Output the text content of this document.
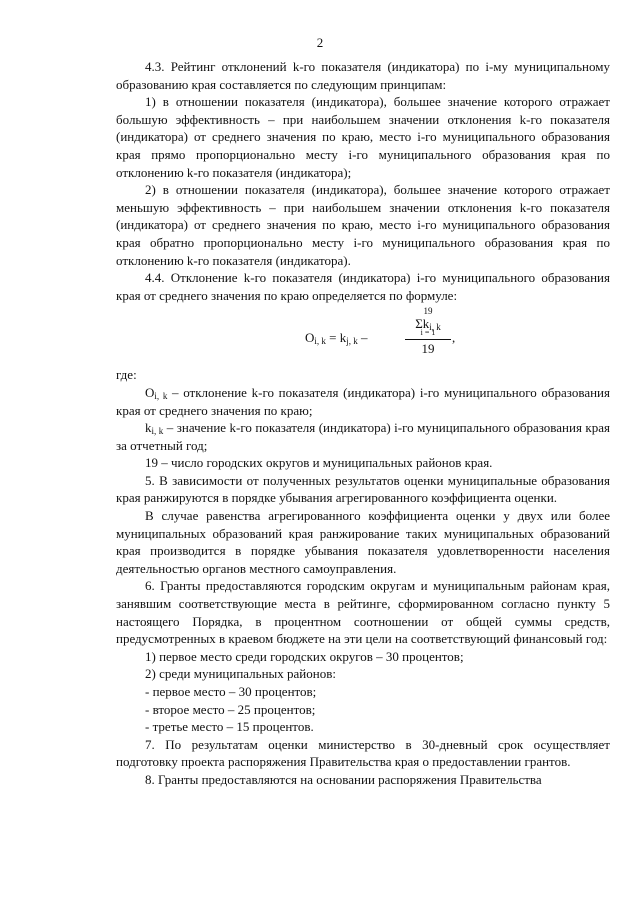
2

4.3. Рейтинг отклонений k-го показателя (индикатора) по i-му муниципальному образованию края составляется по следующим принципам:

1) в отношении показателя (индикатора), большее значение которого отражает большую эффективность – при наибольшем значении отклонения k-го показателя (индикатора) от среднего значения по краю, место i-го муниципального образования края прямо пропорционально месту i-го муниципального образования края по отклонению k-го показателя (индикатора);

2) в отношении показателя (индикатора), большее значение которого отражает меньшую эффективность – при наибольшем значении отклонения k-го показателя (индикатора) от среднего значения по краю, место i-го муниципального образования края обратно пропорционально месту i-го муниципального образования края по отклонению k-го показателя (индикатора).

4.4. Отклонение k-го показателя (индикатора) i-го муниципального образования края от среднего значения по краю определяется по формуле:

$O_{i, k} = k_{j, k}$ –
19
$\Sigma k_{i, k}$
i = 1
19
,

где:

$O_{i, k}$ – отклонение k-го показателя (индикатора) i-го муниципального образования края от среднего значения по краю;

$k_{i, k}$ – значение k-го показателя (индикатора) i-го муниципального образования края за отчетный год;

19 – число городских округов и муниципальных районов края.

5. В зависимости от полученных результатов оценки муниципальные образования края ранжируются в порядке убывания агрегированного коэффициента оценки.

В случае равенства агрегированного коэффициента оценки у двух или более муниципальных образований края ранжирование таких муниципальных образований края производится в порядке убывания показателя удовлетворенности населения деятельностью органов местного самоуправления.

6. Гранты предоставляются городским округам и муниципальным районам края, занявшим соответствующие места в рейтинге, сформированном согласно пункту 5 настоящего Порядка, в процентном соотношении от общей суммы средств, предусмотренных в краевом бюджете на эти цели на соответствующий финансовый год:

1) первое место среди городских округов – 30 процентов;

2) среди муниципальных районов:

- первое место – 30 процентов;

- второе место – 25 процентов;

- третье место – 15 процентов.

7. По результатам оценки министерство в 30-дневный срок осуществляет подготовку проекта распоряжения Правительства края о предоставлении грантов.

8. Гранты предоставляются на основании распоряжения Правительства
